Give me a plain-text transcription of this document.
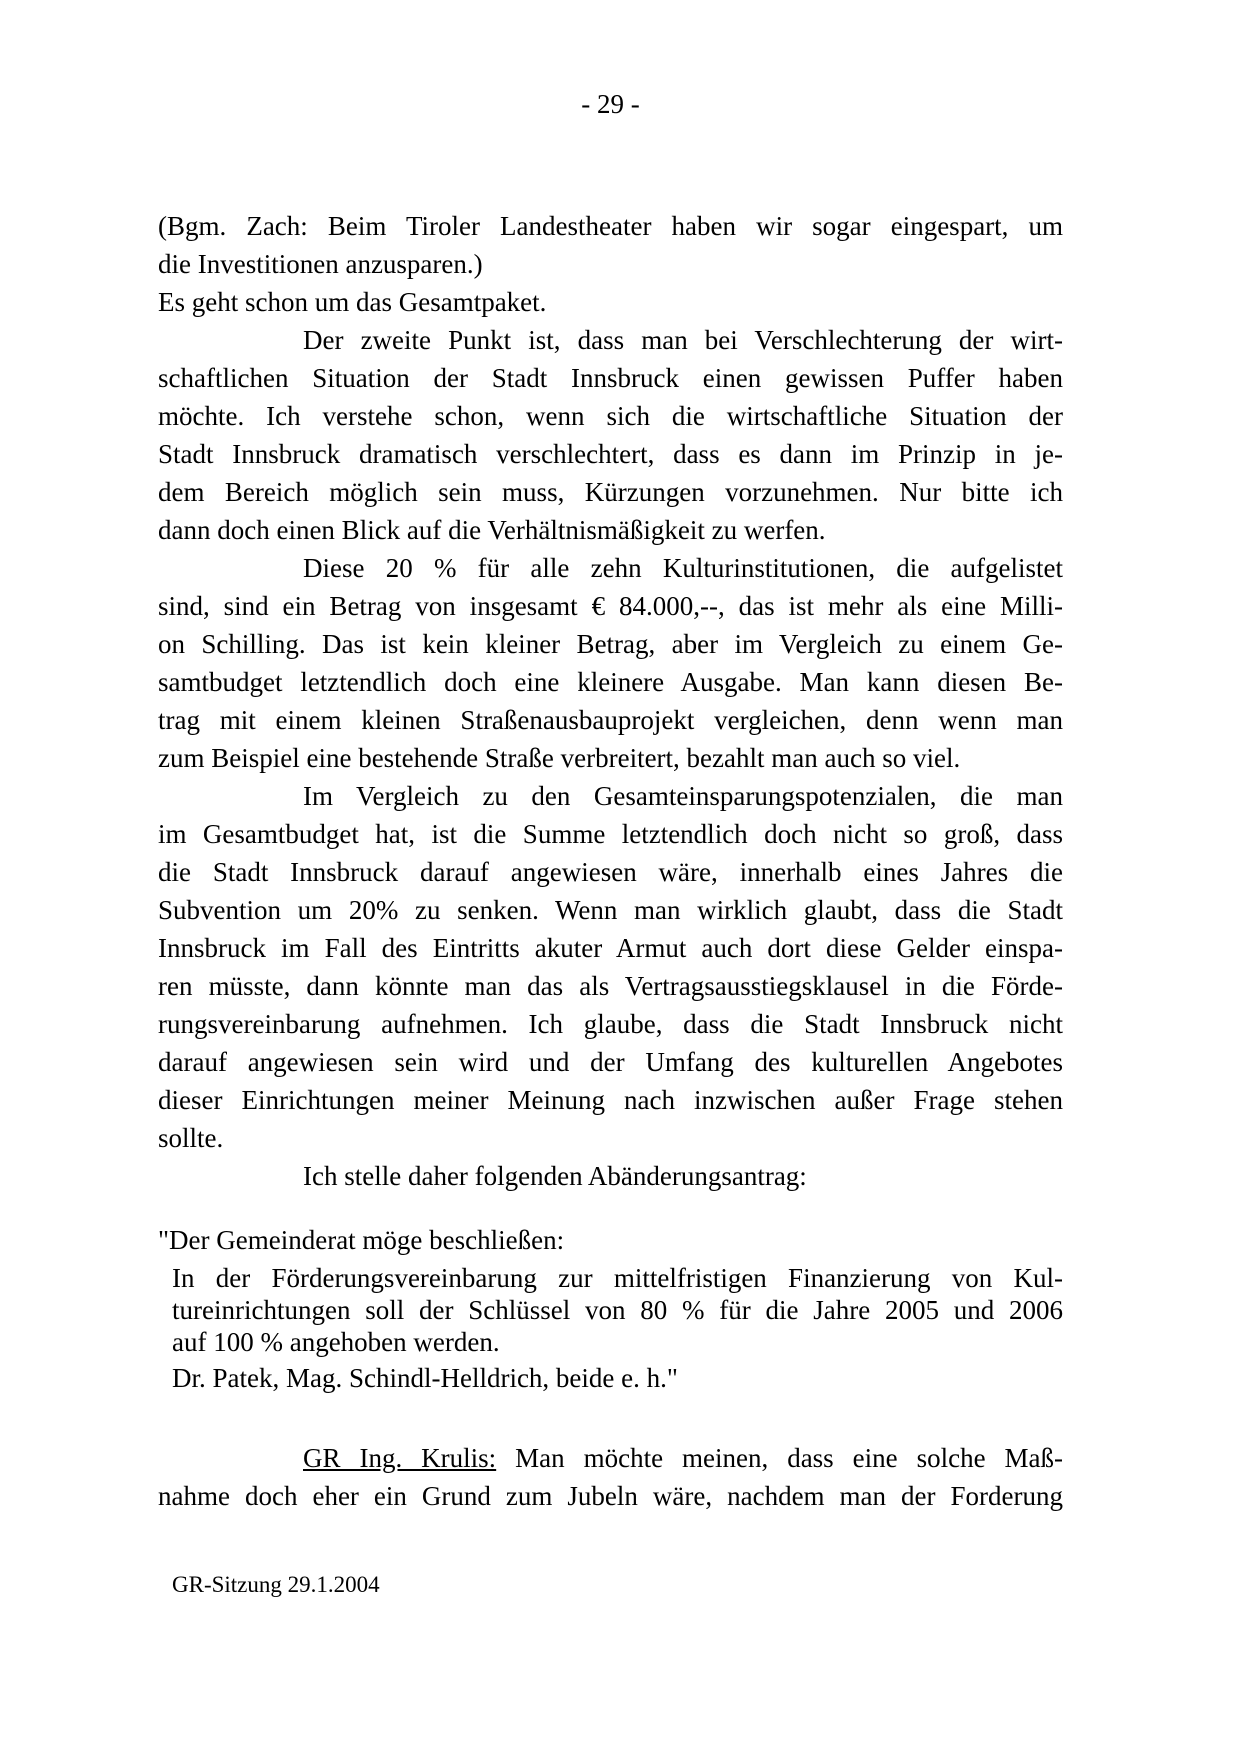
- 29 -
(Bgm. Zach: Beim Tiroler Landestheater haben wir sogar eingespart, um
die Investitionen anzusparen.)
Es geht schon um das Gesamtpaket.
Der zweite Punkt ist, dass man bei Verschlechterung der wirt-
schaftlichen Situation der Stadt Innsbruck einen gewissen Puffer haben
möchte. Ich verstehe schon, wenn sich die wirtschaftliche Situation der
Stadt Innsbruck dramatisch verschlechtert, dass es dann im Prinzip in je-
dem Bereich möglich sein muss, Kürzungen vorzunehmen. Nur bitte ich
dann doch einen Blick auf die Verhältnismäßigkeit zu werfen.
Diese 20 % für alle zehn Kulturinstitutionen, die aufgelistet
sind, sind ein Betrag von insgesamt € 84.000,--, das ist mehr als eine Milli-
on Schilling. Das ist kein kleiner Betrag, aber im Vergleich zu einem Ge-
samtbudget letztendlich doch eine kleinere Ausgabe. Man kann diesen Be-
trag mit einem kleinen Straßenausbauprojekt vergleichen, denn wenn man
zum Beispiel eine bestehende Straße verbreitert, bezahlt man auch so viel.
Im Vergleich zu den Gesamteinsparungspotenzialen, die man
im Gesamtbudget hat, ist die Summe letztendlich doch nicht so groß, dass
die Stadt Innsbruck darauf angewiesen wäre, innerhalb eines Jahres die
Subvention um 20% zu senken. Wenn man wirklich glaubt, dass die Stadt
Innsbruck im Fall des Eintritts akuter Armut auch dort diese Gelder einspa-
ren müsste, dann könnte man das als Vertragsausstiegsklausel in die Förde-
rungsvereinbarung aufnehmen. Ich glaube, dass die Stadt Innsbruck nicht
darauf angewiesen sein wird und der Umfang des kulturellen Angebotes
dieser Einrichtungen meiner Meinung nach inzwischen außer Frage stehen
sollte.
Ich stelle daher folgenden Abänderungsantrag:
"Der Gemeinderat möge beschließen:
In der Förderungsvereinbarung zur mittelfristigen Finanzierung von Kul-
tureinrichtungen soll der Schlüssel von 80 % für die Jahre 2005 und 2006
auf 100 % angehoben werden.
Dr. Patek, Mag. Schindl-Helldrich, beide e. h."
GR Ing. Krulis: Man möchte meinen, dass eine solche Maß-
nahme doch eher ein Grund zum Jubeln wäre, nachdem man der Forderung
GR-Sitzung 29.1.2004
